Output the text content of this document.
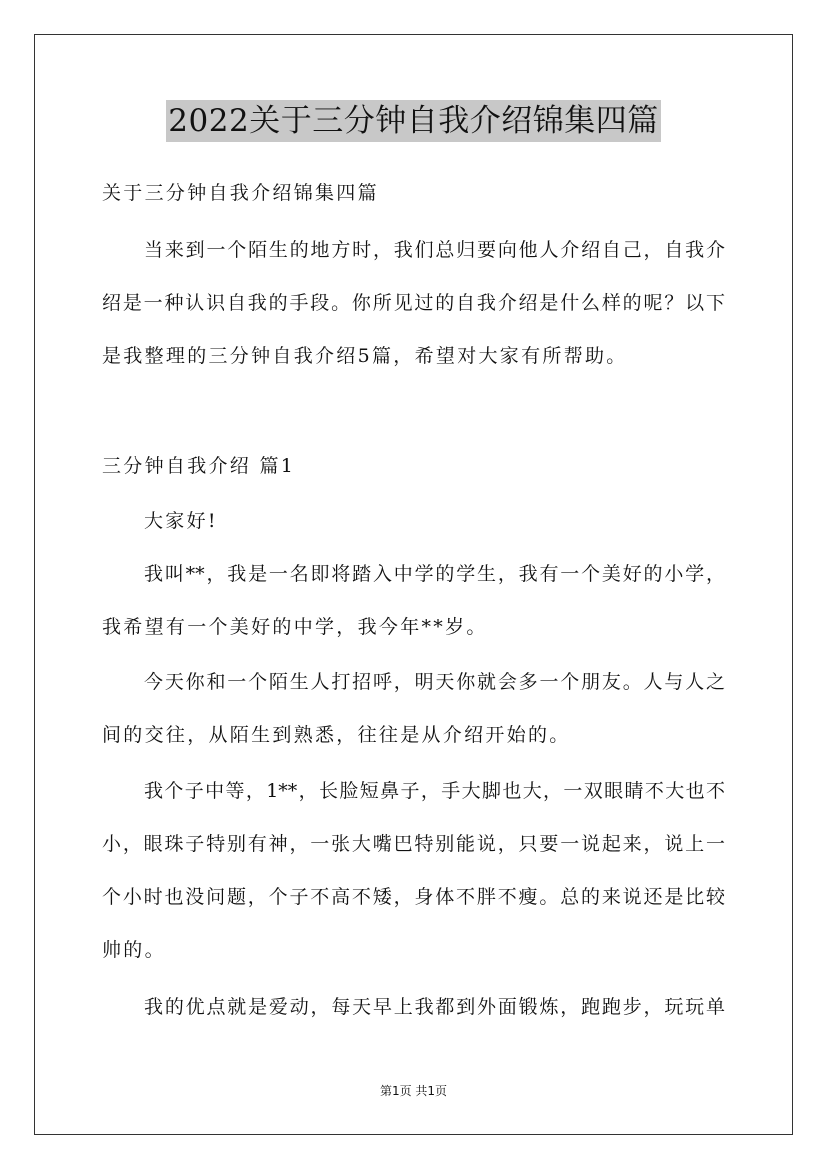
2022关于三分钟自我介绍锦集四篇
关于三分钟自我介绍锦集四篇
当来到一个陌生的地方时，我们总归要向他人介绍自己，自我介
绍是一种认识自我的手段。你所见过的自我介绍是什么样的呢？以下
是我整理的三分钟自我介绍5篇，希望对大家有所帮助。
三分钟自我介绍 篇1
大家好!
我叫**，我是一名即将踏入中学的学生，我有一个美好的小学，
我希望有一个美好的中学，我今年**岁。
今天你和一个陌生人打招呼，明天你就会多一个朋友。人与人之
间的交往，从陌生到熟悉，往往是从介绍开始的。
我个子中等，1**，长脸短鼻子，手大脚也大，一双眼睛不大也不
小，眼珠子特别有神，一张大嘴巴特别能说，只要一说起来，说上一
个小时也没问题，个子不高不矮，身体不胖不瘦。总的来说还是比较
帅的。
我的优点就是爱动，每天早上我都到外面锻炼，跑跑步，玩玩单
第1页 共1页
